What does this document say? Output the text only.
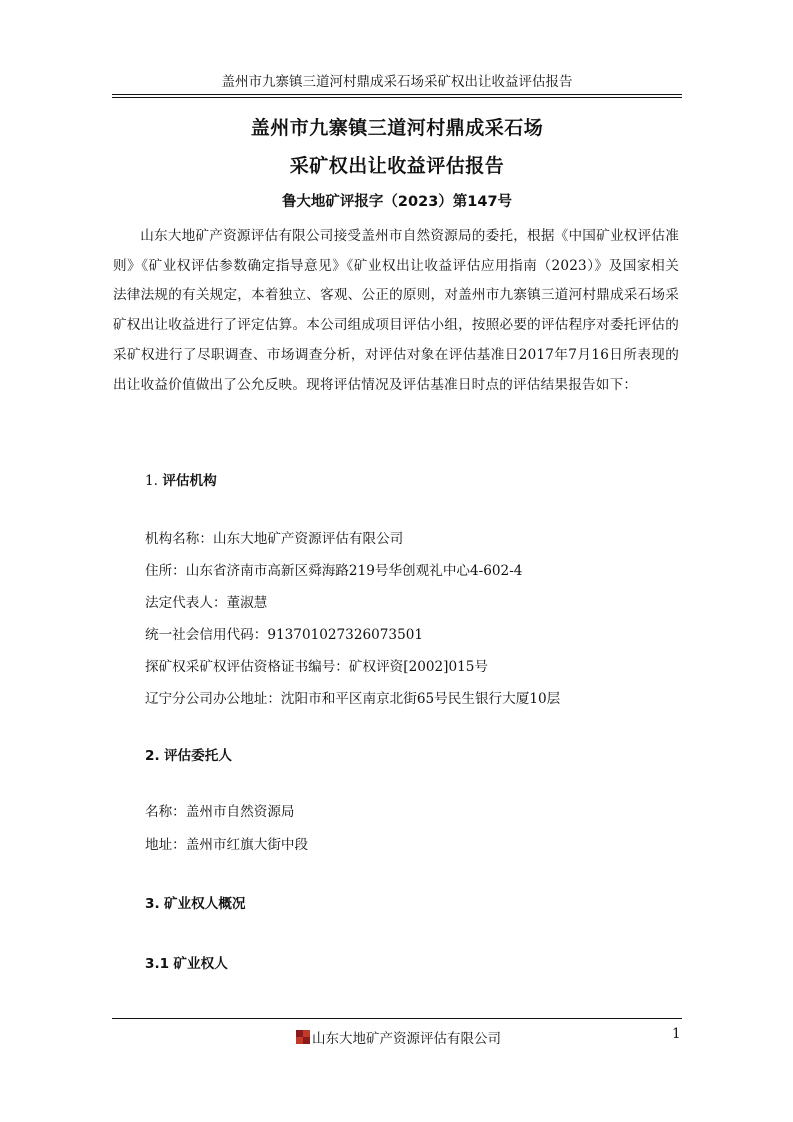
盖州市九寨镇三道河村鼎成采石场采矿权出让收益评估报告
盖州市九寨镇三道河村鼎成采石场
采矿权出让收益评估报告
鲁大地矿评报字（2023）第147号

山东大地矿产资源评估有限公司接受盖州市自然资源局的委托，根据《中国矿业权评估准则》《矿业权评估参数确定指导意见》《矿业权出让收益评估应用指南（2023）》及国家相关法律法规的有关规定，本着独立、客观、公正的原则，对盖州市九寨镇三道河村鼎成采石场采矿权出让收益进行了评定估算。本公司组成项目评估小组，按照必要的评估程序对委托评估的采矿权进行了尽职调查、市场调查分析，对评估对象在评估基准日2017年7月16日所表现的出让收益价值做出了公允反映。现将评估情况及评估基准日时点的评估结果报告如下：

1. 评估机构
机构名称：山东大地矿产资源评估有限公司
住所：山东省济南市高新区舜海路219号华创观礼中心4-602-4
法定代表人：董淑慧
统一社会信用代码：913701027326073501
探矿权采矿权评估资格证书编号：矿权评资[2002]015号
辽宁分公司办公地址：沈阳市和平区南京北街65号民生银行大厦10层
2. 评估委托人
名称：盖州市自然资源局
地址：盖州市红旗大街中段
3. 矿业权人概况
3.1 矿业权人
山东大地矿产资源评估有限公司	1
